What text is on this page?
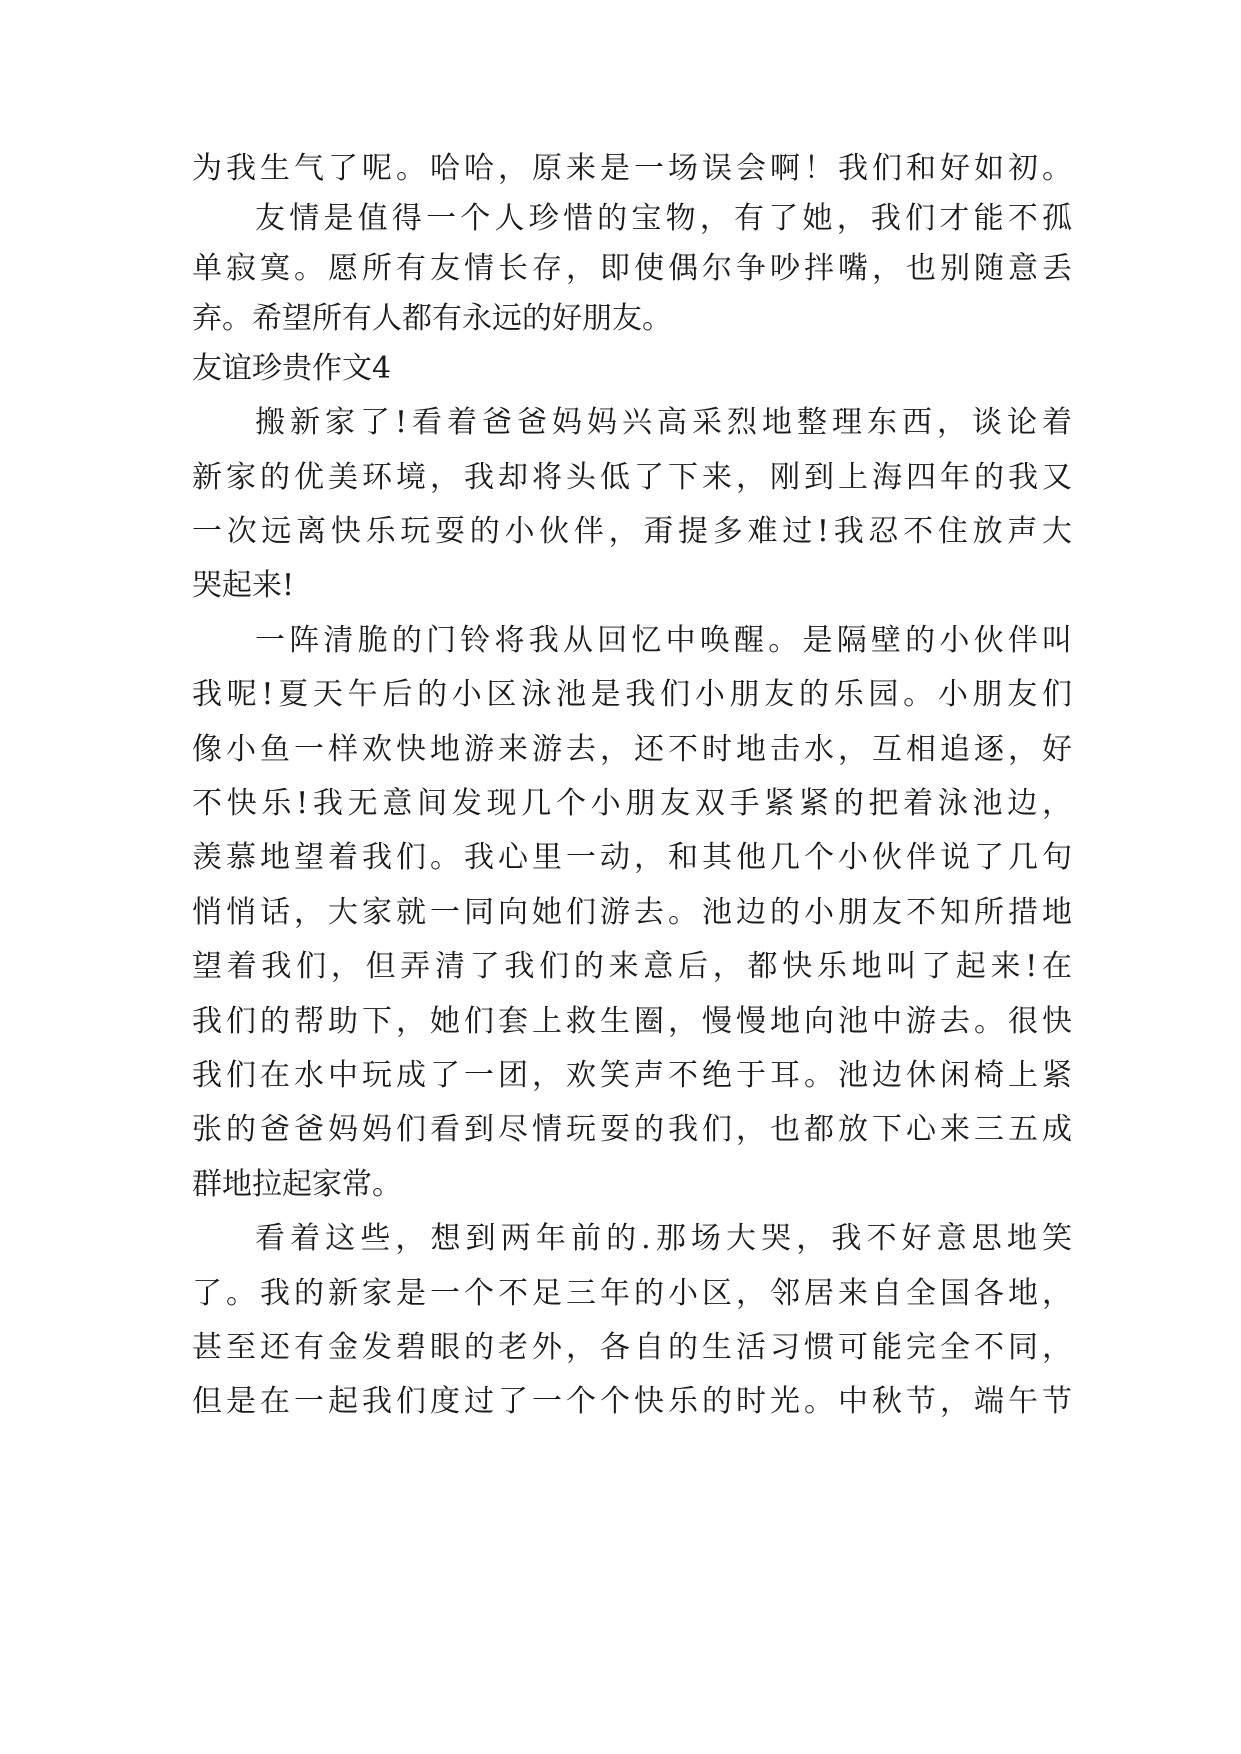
为我生气了呢。哈哈，原来是一场误会啊！我们和好如初。

友情是值得一个人珍惜的宝物，有了她，我们才能不孤

单寂寞。愿所有友情长存，即使偶尔争吵拌嘴，也别随意丢

弃。希望所有人都有永远的好朋友。

友谊珍贵作文4

搬新家了!看着爸爸妈妈兴高采烈地整理东西，谈论着

新家的优美环境，我却将头低了下来，刚到上海四年的我又

一次远离快乐玩耍的小伙伴，甭提多难过!我忍不住放声大

哭起来!

一阵清脆的门铃将我从回忆中唤醒。是隔壁的小伙伴叫

我呢!夏天午后的小区泳池是我们小朋友的乐园。小朋友们

像小鱼一样欢快地游来游去，还不时地击水，互相追逐，好

不快乐!我无意间发现几个小朋友双手紧紧的把着泳池边，

羡慕地望着我们。我心里一动，和其他几个小伙伴说了几句

悄悄话，大家就一同向她们游去。池边的小朋友不知所措地

望着我们，但弄清了我们的来意后，都快乐地叫了起来!在

我们的帮助下，她们套上救生圈，慢慢地向池中游去。很快

我们在水中玩成了一团，欢笑声不绝于耳。池边休闲椅上紧

张的爸爸妈妈们看到尽情玩耍的我们，也都放下心来三五成

群地拉起家常。

看着这些，想到两年前的.那场大哭，我不好意思地笑

了。我的新家是一个不足三年的小区，邻居来自全国各地，

甚至还有金发碧眼的老外，各自的生活习惯可能完全不同，

但是在一起我们度过了一个个快乐的时光。中秋节，端午节
